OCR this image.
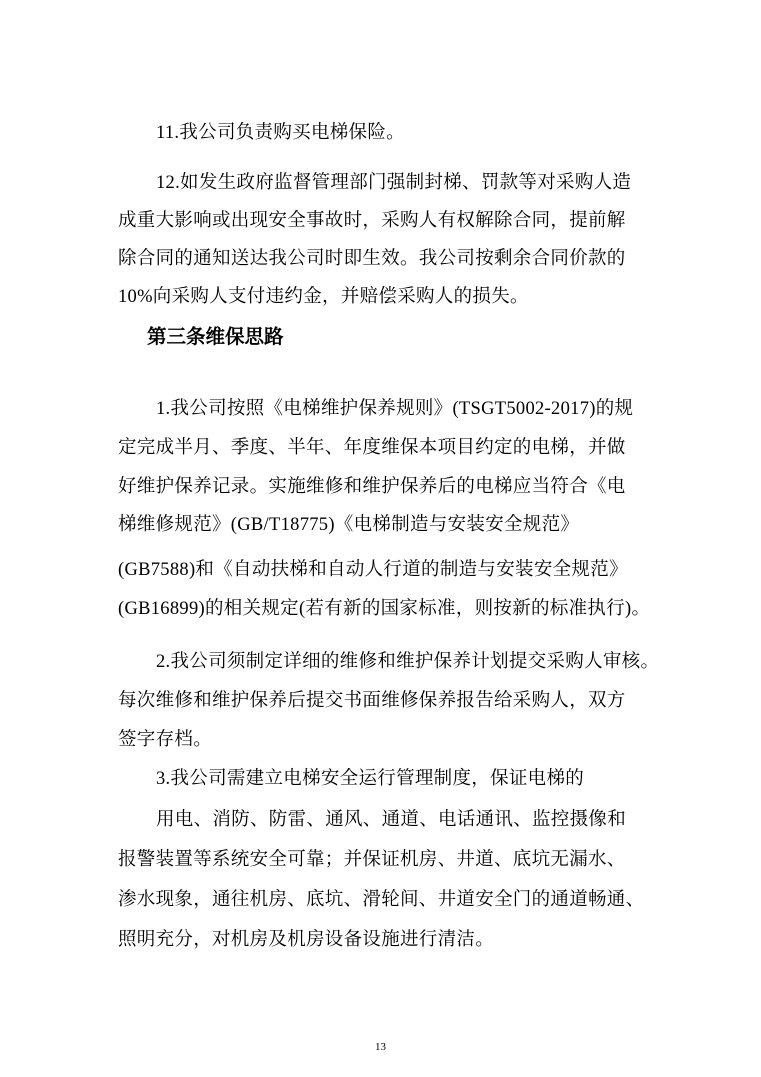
11.我公司负责购买电梯保险。
12.如发生政府监督管理部门强制封梯、罚款等对采购人造
成重大影响或出现安全事故时，采购人有权解除合同，提前解
除合同的通知送达我公司时即生效。我公司按剩余合同价款的
10%向采购人支付违约金，并赔偿采购人的损失。
第三条维保思路
1.我公司按照《电梯维护保养规则》(TSGT5002-2017)的规
定完成半月、季度、半年、年度维保本项目约定的电梯，并做
好维护保养记录。实施维修和维护保养后的电梯应当符合《电
梯维修规范》(GB/T18775)《电梯制造与安装安全规范》
(GB7588)和《自动扶梯和自动人行道的制造与安装安全规范》
(GB16899)的相关规定(若有新的国家标准，则按新的标准执行)。
2.我公司须制定详细的维修和维护保养计划提交采购人审核。
每次维修和维护保养后提交书面维修保养报告给采购人，双方
签字存档。
3.我公司需建立电梯安全运行管理制度，保证电梯的
用电、消防、防雷、通风、通道、电话通讯、监控摄像和
报警装置等系统安全可靠；并保证机房、井道、底坑无漏水、
渗水现象，通往机房、底坑、滑轮间、井道安全门的通道畅通、
照明充分，对机房及机房设备设施进行清洁。
13
